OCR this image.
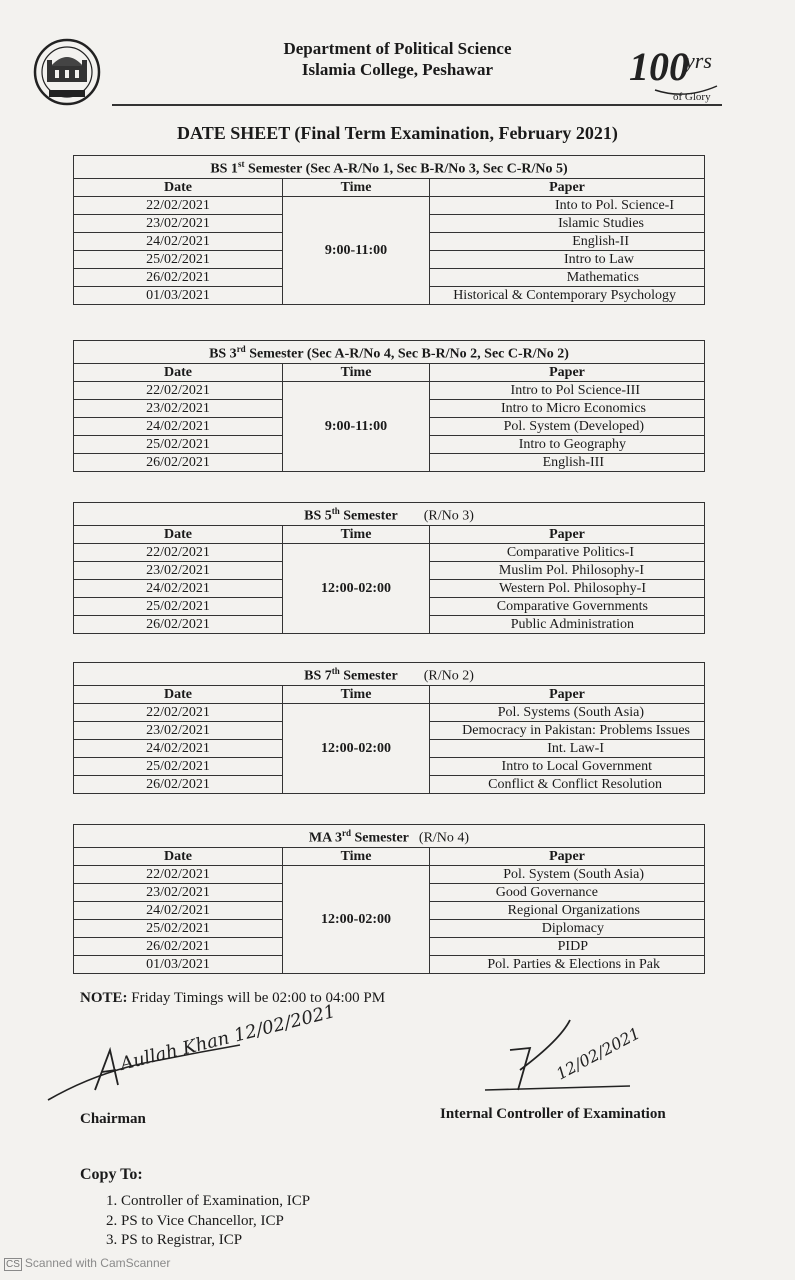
Department of Political Science
Islamia College, Peshawar	100
yrs
of Glory
DATE SHEET (Final Term Examination, February 2021)
BS 1st Semester (Sec A-R/No 1, Sec B-R/No 3, Sec C-R/No 5)		
Date	Time	Paper
22/02/2021	9:00-11:00	Into to Pol. Science-I
23/02/2021		Islamic Studies
24/02/2021		English-II
25/02/2021		Intro to Law
26/02/2021		Mathematics
01/03/2021		Historical & Contemporary Psychology
BS 3rd Semester (Sec A-R/No 4, Sec B-R/No 2, Sec C-R/No 2)		
Date	Time	Paper
22/02/2021	9:00-11:00	Intro to Pol Science-III
23/02/2021		Intro to Micro Economics
24/02/2021		Pol. System (Developed)
25/02/2021		Intro to Geography
26/02/2021		English-III
BS 5th Semester (R/No 3)		
Date	Time	Paper
22/02/2021	12:00-02:00	Comparative Politics-I
23/02/2021		Muslim Pol. Philosophy-I
24/02/2021		Western Pol. Philosophy-I
25/02/2021		Comparative Governments
26/02/2021		Public Administration
BS 7th Semester (R/No 2)		
Date	Time	Paper
22/02/2021	12:00-02:00	Pol. Systems (South Asia)
23/02/2021		Democracy in Pakistan: Problems Issues
24/02/2021		Int. Law-I
25/02/2021		Intro to Local Government
26/02/2021		Conflict & Conflict Resolution
MA 3rd Semester (R/No 4)		
Date	Time	Paper
22/02/2021	12:00-02:00	Pol. System (South Asia)
23/02/2021		Good Governance
24/02/2021		Regional Organizations
25/02/2021		Diplomacy
26/02/2021		PIDP
01/03/2021		Pol. Parties & Elections in Pak
NOTE: Friday Timings will be 02:00 to 04:00 PM
Aullah Khan 12/02/2021	12/02/2021
Chairman	Internal Controller of Examination
Copy To:
1. Controller of Examination, ICP
2. PS to Vice Chancellor, ICP
3. PS to Registrar, ICP
CS Scanned with CamScanner
